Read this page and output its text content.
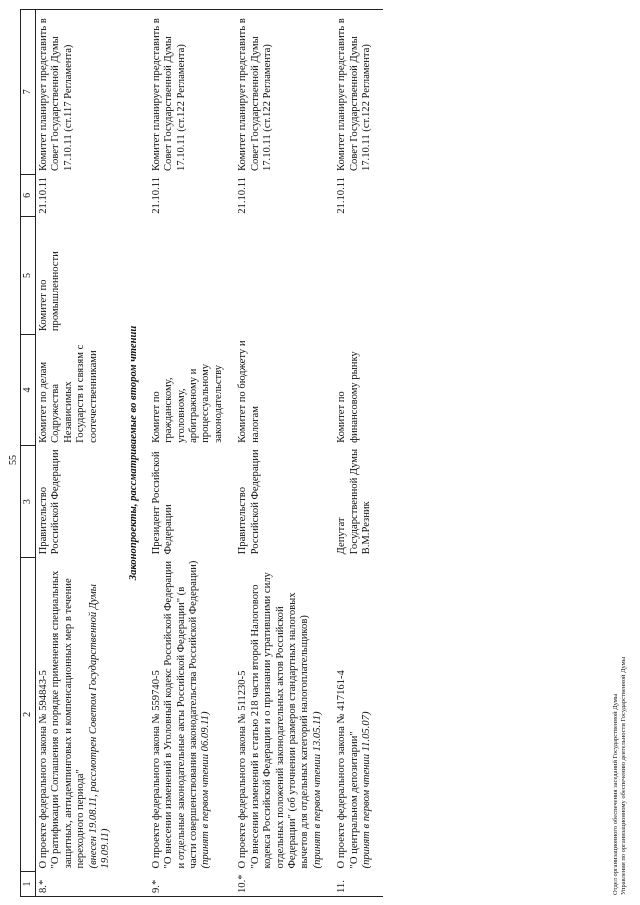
55
1	2	3	4	5	6	7
8.*	О проекте федерального закона № 594843-5 "О ратификации Соглашения о порядке применения специальных защитных, антидемпинговых и компенсационных мер в течение переходного периода" (внесен 19.08.11, рассмотрен Советом Государственной Думы 19.09.11)	Правительство Российской Федерации	Комитет по делам Содружества Независимых Государств и связям с соотечественниками	Комитет по промышленности	21.10.11	Комитет планирует представить в Совет Государственной Думы 17.10.11 (ст.117 Регламента)
Законопроекты, рассматриваемые во втором чтении						
9.*	О проекте федерального закона № 559740-5 "О внесении изменений в Уголовный кодекс Российской Федерации и отдельные законодательные акты Российской Федерации" (в части совершенствования законодательства Российской Федерации) (принят в первом чтении 06.09.11)	Президент Российской Федерации	Комитет по гражданскому, уголовному, арбитражному и процессуальному законодательству		21.10.11	Комитет планирует представить в Совет Государственной Думы 17.10.11 (ст.122 Регламента)
10.*	О проекте федерального закона № 511230-5 "О внесении изменений в статью 218 части второй Налогового кодекса Российской Федерации и о признании утратившими силу отдельных положений законодательных актов Российской Федерации" (об уточнении размеров стандартных налоговых вычетов для отдельных категорий налогоплательщиков) (принят в первом чтении 13.05.11)	Правительство Российской Федерации	Комитет по бюджету и налогам		21.10.11	Комитет планирует представить в Совет Государственной Думы 17.10.11 (ст.122 Регламента)
11.	О проекте федерального закона № 417161-4 "О центральном депозитарии" (принят в первом чтении 11.05.07)	Депутат Государственной Думы В.М.Резник	Комитет по финансовому рынку		21.10.11	Комитет планирует представить в Совет Государственной Думы 17.10.11 (ст.122 Регламента)
Отдел организационного обеспечения заседаний Государственной Думы Управления по организационному обеспечению деятельности Государственной Думы
